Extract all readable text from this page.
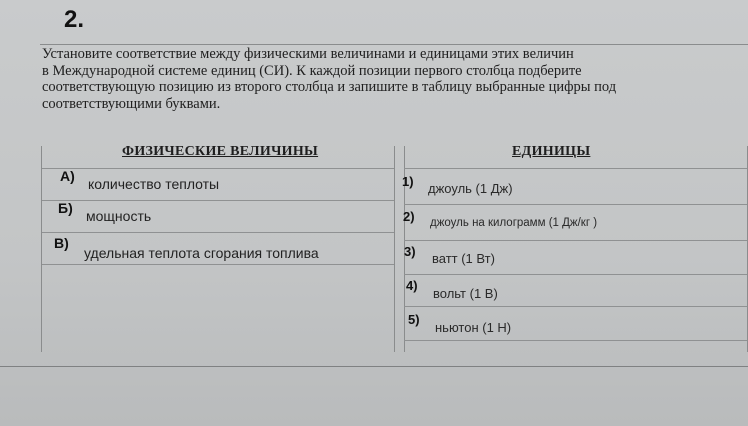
2.
Установите соответствие между физическими величинами и единицами этих величин
в Международной системе единиц (СИ). К каждой позиции первого столбца подберите
соответствующую позицию из второго столбца и запишите в таблицу выбранные цифры под
соответствующими буквами.
ФИЗИЧЕСКИЕ ВЕЛИЧИНЫ	ЕДИНИЦЫ
А) количество теплоты
Б) мощность
В)
удельная теплота сгорания топлива
1) джоуль (1 Дж)
2) джоуль на килограмм (1 Дж/кг )
3) ватт (1 Вт)
4)
вольт (1 В)
5)
ньютон (1 Н)
